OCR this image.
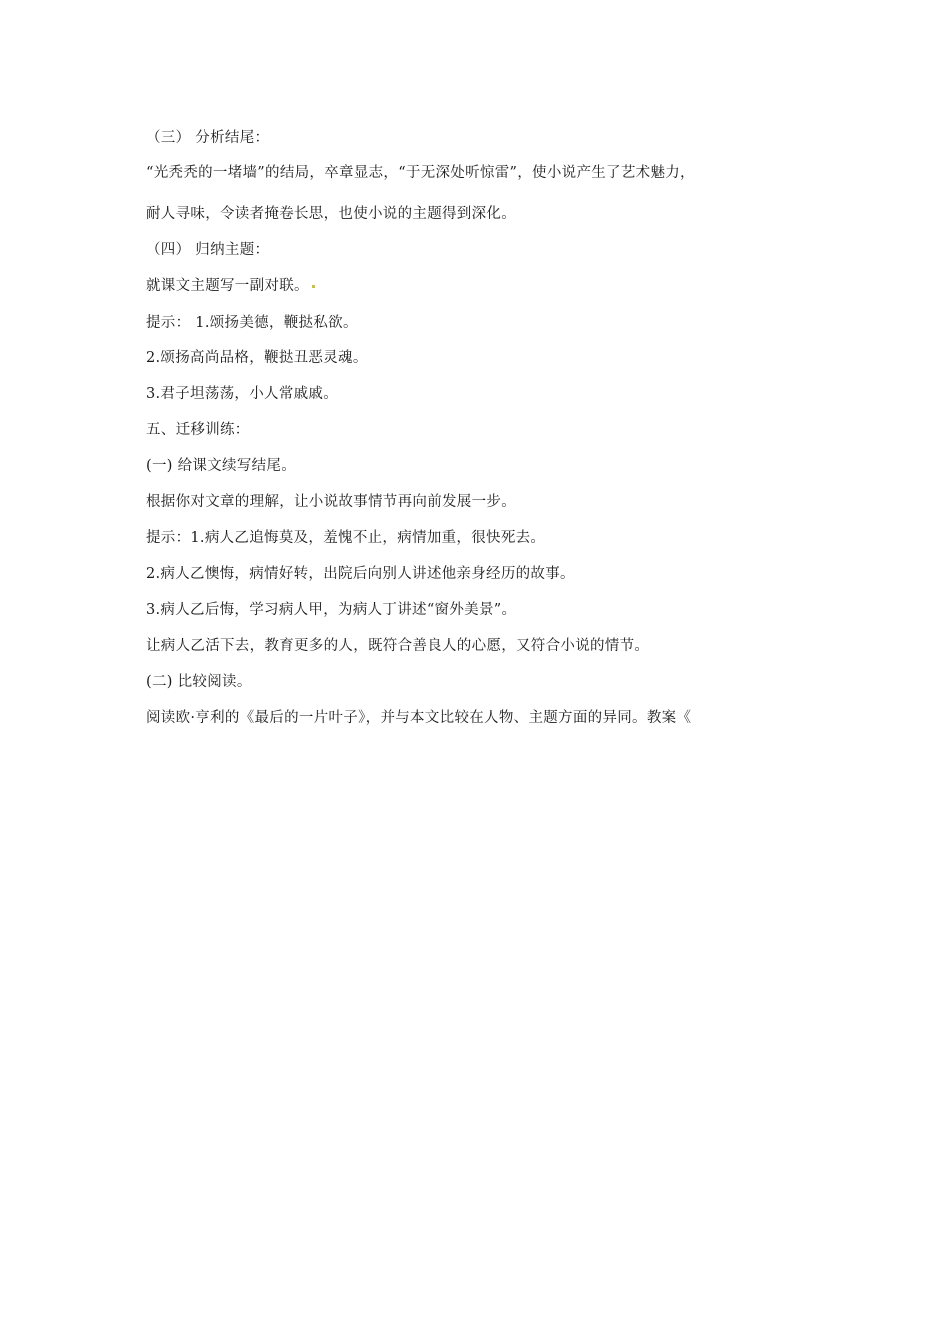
（三） 分析结尾：
“光秃秃的一堵墙”的结局，卒章显志，“于无深处听惊雷”，使小说产生了艺术魅力，
耐人寻味，令读者掩卷长思，也使小说的主题得到深化。
（四） 归纳主题：
就课文主题写一副对联。
提示： 1.颂扬美德，鞭挞私欲。
2.颂扬高尚品格，鞭挞丑恶灵魂。
3.君子坦荡荡，小人常戚戚。
五、迁移训练：
(一) 给课文续写结尾。
根据你对文章的理解，让小说故事情节再向前发展一步。
提示：1.病人乙追悔莫及，羞愧不止，病情加重，很快死去。
2.病人乙懊悔，病情好转，出院后向别人讲述他亲身经历的故事。
3.病人乙后悔，学习病人甲，为病人丁讲述“窗外美景”。
让病人乙活下去，教育更多的人，既符合善良人的心愿，又符合小说的情节。
(二) 比较阅读。
阅读欧·亨利的《最后的一片叶子》，并与本文比较在人物、主题方面的异同。教案《
